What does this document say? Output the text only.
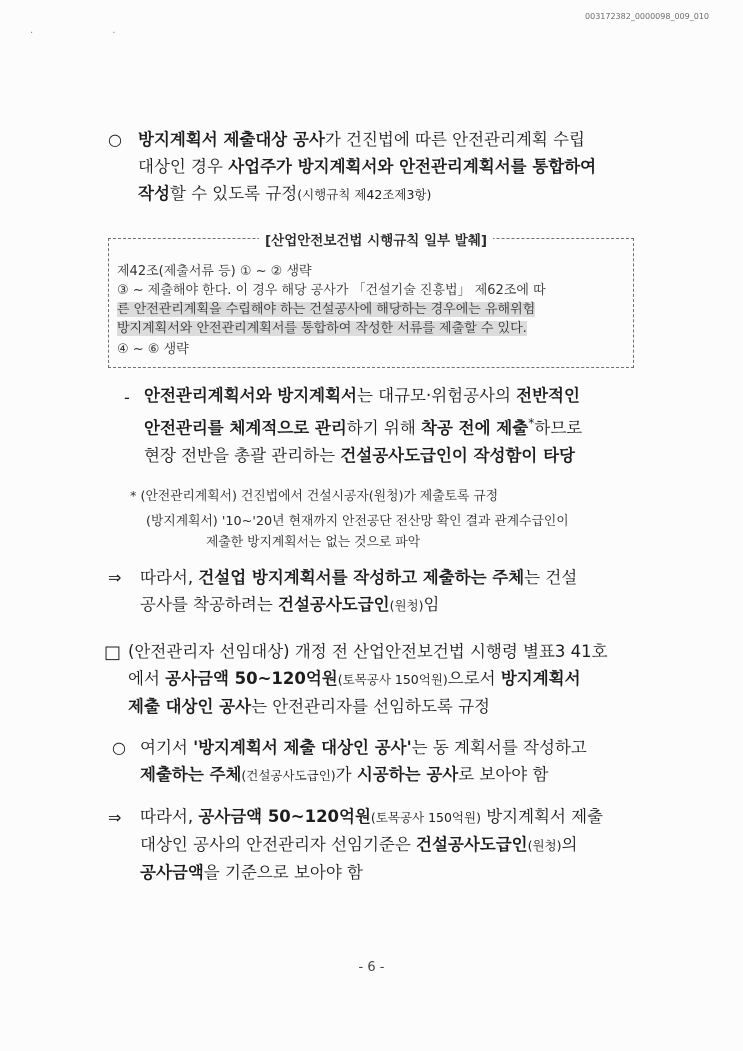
003172382_0000098_009_010
· ·
○ 방지계획서 제출대상 공사가 건진법에 따른 안전관리계획 수립
대상인 경우 사업주가 방지계획서와 안전관리계획서를 통합하여
작성할 수 있도록 규정(시행규칙 제42조제3항)
[산업안전보건법 시행규칙 일부 발췌]
제42조(제출서류 등) ① ~ ② 생략
③ ~ 제출해야 한다. 이 경우 해당 공사가 「건설기술 진흥법」 제62조에 따
른 안전관리계획을 수립해야 하는 건설공사에 해당하는 경우에는 유해위험
방지계획서와 안전관리계획서를 통합하여 작성한 서류를 제출할 수 있다.
④ ~ ⑥ 생략
- 안전관리계획서와 방지계획서는 대규모·위험공사의 전반적인
안전관리를 체계적으로 관리하기 위해 착공 전에 제출*하므로
현장 전반을 총괄 관리하는 건설공사도급인이 작성함이 타당
* (안전관리계획서) 건진법에서 건설시공자(원청)가 제출토록 규정
(방지계획서) '10~'20년 현재까지 안전공단 전산망 확인 결과 관계수급인이
제출한 방지계획서는 없는 것으로 파악
⇒ 따라서, 건설업 방지계획서를 작성하고 제출하는 주체는 건설
공사를 착공하려는 건설공사도급인(원청)임
□ (안전관리자 선임대상) 개정 전 산업안전보건법 시행령 별표3 41호
에서 공사금액 50~120억원(토목공사 150억원)으로서 방지계획서
제출 대상인 공사는 안전관리자를 선임하도록 규정
○ 여기서 '방지계획서 제출 대상인 공사'는 동 계획서를 작성하고
제출하는 주체(건설공사도급인)가 시공하는 공사로 보아야 함
⇒ 따라서, 공사금액 50~120억원(토목공사 150억원) 방지계획서 제출
대상인 공사의 안전관리자 선임기준은 건설공사도급인(원청)의
공사금액을 기준으로 보아야 함
- 6 -
